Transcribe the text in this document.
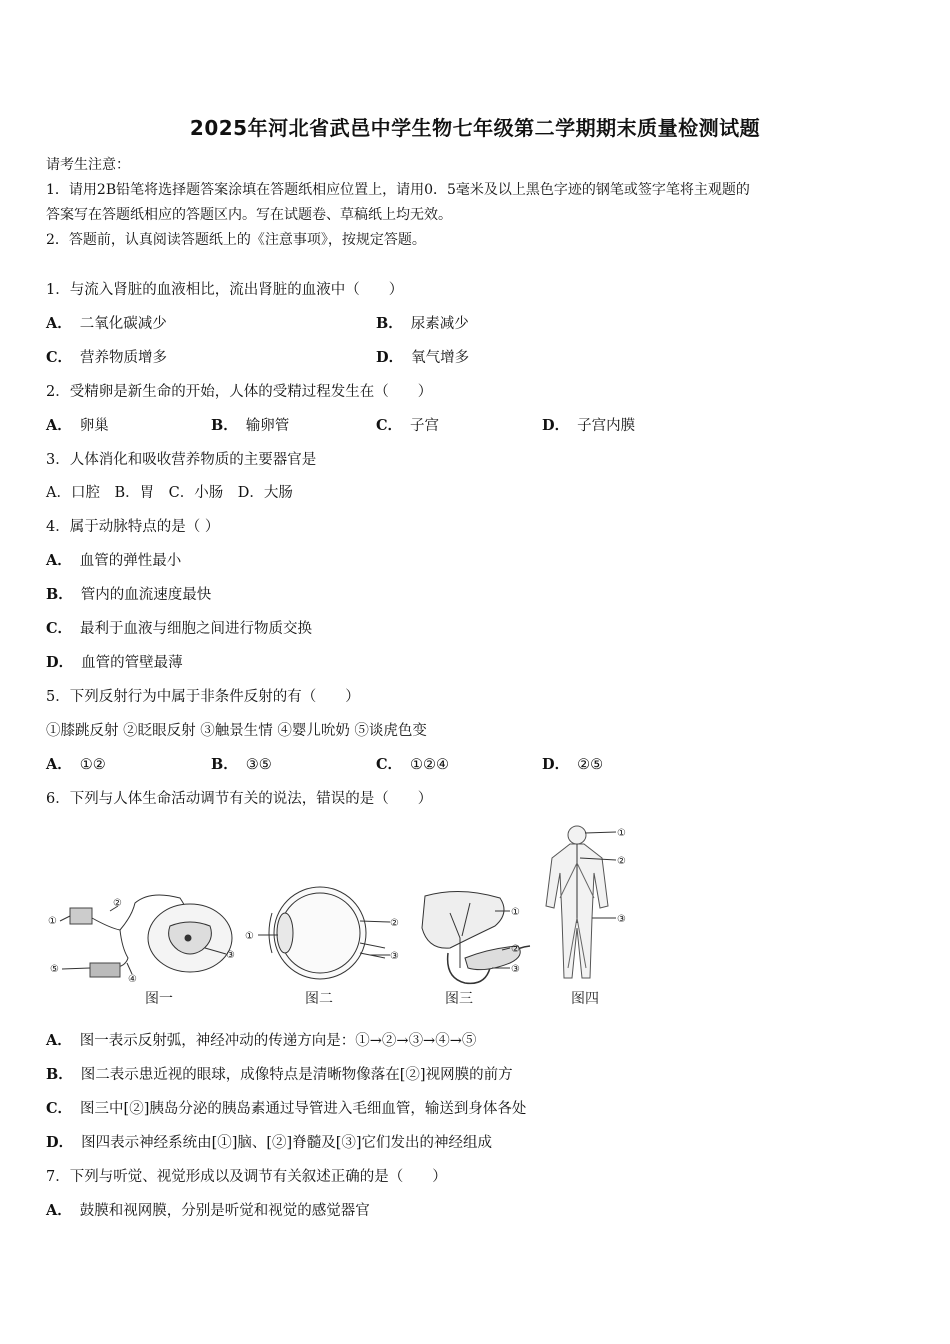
2025年河北省武邑中学生物七年级第二学期期末质量检测试题
请考生注意：
1．请用2B铅笔将选择题答案涂填在答题纸相应位置上，请用0．5毫米及以上黑色字迹的钢笔或签字笔将主观题的
答案写在答题纸相应的答题区内。写在试题卷、草稿纸上均无效。
2．答题前，认真阅读答题纸上的《注意事项》，按规定答题。
1．与流入肾脏的血液相比，流出肾脏的血液中（　　）
A． 二氧化碳减少	B． 尿素减少
C． 营养物质增多	D． 氧气增多
2．受精卵是新生命的开始，人体的受精过程发生在（　　）
A． 卵巢	B． 输卵管	C． 子宫	D． 子宫内膜
3．人体消化和吸收营养物质的主要器官是
A．口腔　B．胃　C．小肠　D．大肠
4．属于动脉特点的是（ ）
A． 血管的弹性最小
B． 管内的血流速度最快
C． 最利于血液与细胞之间进行物质交换
D． 血管的管壁最薄
5．下列反射行为中属于非条件反射的有（　　）
①膝跳反射 ②眨眼反射 ③触景生情 ④婴儿吮奶 ⑤谈虎色变
A． ①②	B． ③⑤	C． ①②④	D． ②⑤
6．下列与人体生命活动调节有关的说法，错误的是（　　）
①
②
③
④
⑤
图一
①
②
③
图二
①
②
③
图三
①
②
③
图四
A． 图一表示反射弧，神经冲动的传递方向是：①→②→③→④→⑤
B． 图二表示患近视的眼球，成像特点是清晰物像落在[②]视网膜的前方
C． 图三中[②]胰岛分泌的胰岛素通过导管进入毛细血管，输送到身体各处
D． 图四表示神经系统由[①]脑、[②]脊髓及[③]它们发出的神经组成
7．下列与听觉、视觉形成以及调节有关叙述正确的是（　　）
A． 鼓膜和视网膜，分别是听觉和视觉的感觉器官
